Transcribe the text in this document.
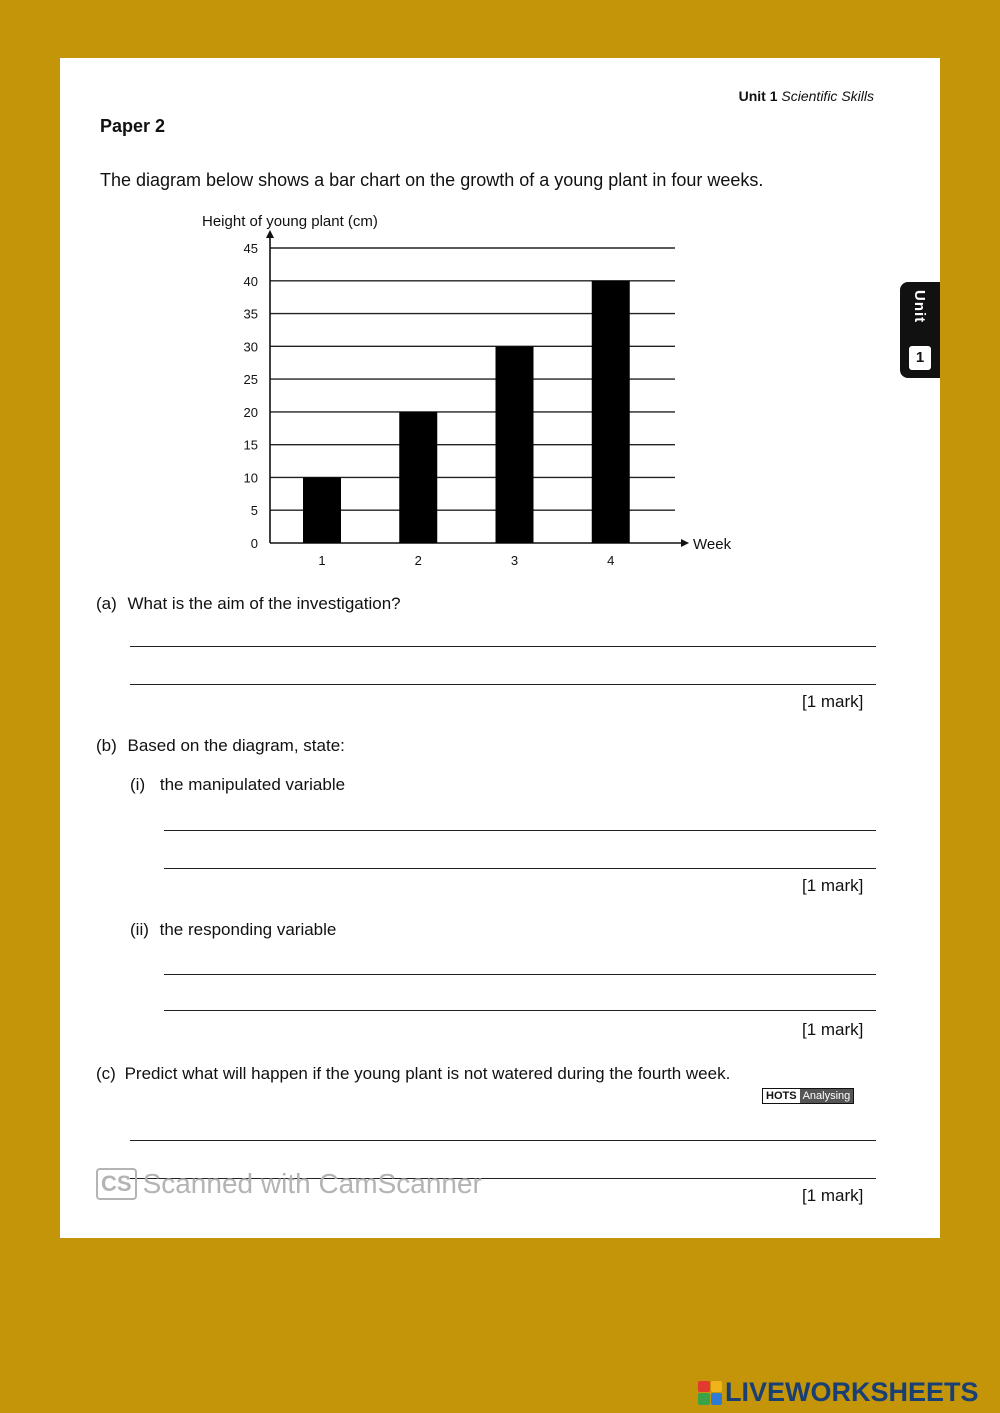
Unit 1 Scientific Skills
Paper 2
The diagram below shows a bar chart on the growth of a young plant in four weeks.
Unit
1
Height of young plant (cm)
0
5
10
15
20
25
30
35
40
45
Week
1	2	3	4
(a) What is the aim of the investigation?
[1 mark]
(b) Based on the diagram, state:
(i) the manipulated variable
[1 mark]
(ii) the responding variable
[1 mark]
(c) Predict what will happen if the young plant is not watered during the fourth week.
HOTS Analysing
[1 mark]
CS Scanned with CamScanner
LIVEWORKSHEETS
